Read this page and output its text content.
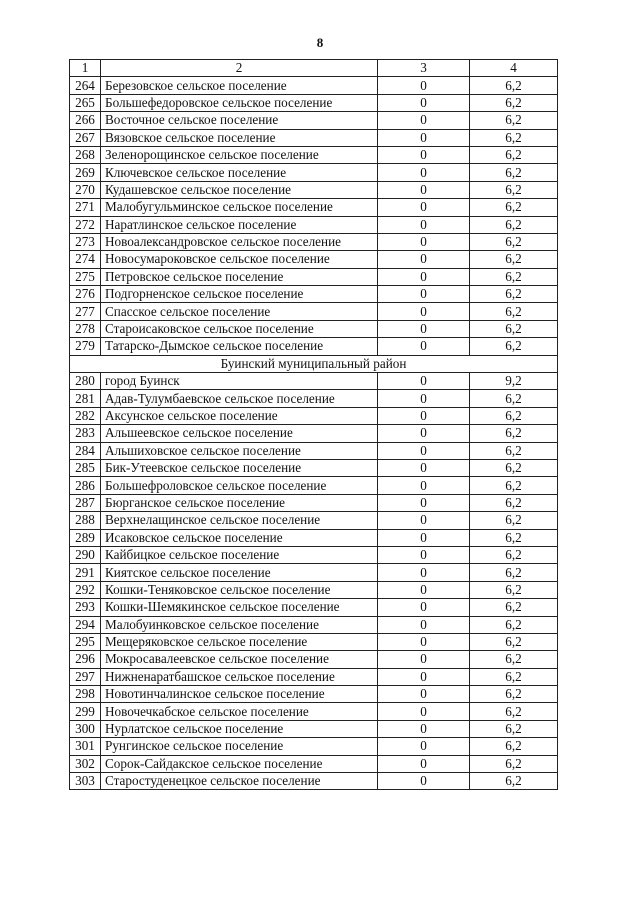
8
1	2	3	4
264	Березовское сельское поселение	0	6,2
265	Большефедоровское сельское поселение	0	6,2
266	Восточное сельское поселение	0	6,2
267	Вязовское сельское поселение	0	6,2
268	Зеленорощинское сельское поселение	0	6,2
269	Ключевское сельское поселение	0	6,2
270	Кудашевское сельское поселение	0	6,2
271	Малобугульминское сельское поселение	0	6,2
272	Наратлинское сельское поселение	0	6,2
273	Новоалександровское сельское поселение	0	6,2
274	Новосумароковское сельское поселение	0	6,2
275	Петровское сельское поселение	0	6,2
276	Подгорненское сельское поселение	0	6,2
277	Спасское сельское поселение	0	6,2
278	Староисаковское сельское поселение	0	6,2
279	Татарско-Дымское сельское поселение	0	6,2
Буинский муниципальный район			
280	город Буинск	0	9,2
281	Адав-Тулумбаевское сельское поселение	0	6,2
282	Аксунское сельское поселение	0	6,2
283	Альшеевское сельское поселение	0	6,2
284	Альшиховское сельское поселение	0	6,2
285	Бик-Утеевское сельское поселение	0	6,2
286	Большефроловское сельское поселение	0	6,2
287	Бюрганское сельское поселение	0	6,2
288	Верхнелащинское сельское поселение	0	6,2
289	Исаковское сельское поселение	0	6,2
290	Кайбицкое сельское поселение	0	6,2
291	Киятское сельское поселение	0	6,2
292	Кошки-Теняковское сельское поселение	0	6,2
293	Кошки-Шемякинское сельское поселение	0	6,2
294	Малобуинковское сельское поселение	0	6,2
295	Мещеряковское сельское поселение	0	6,2
296	Мокросавалеевское сельское поселение	0	6,2
297	Нижненаратбашское сельское поселение	0	6,2
298	Новотинчалинское сельское поселение	0	6,2
299	Новочечкабское сельское поселение	0	6,2
300	Нурлатское сельское поселение	0	6,2
301	Рунгинское сельское поселение	0	6,2
302	Сорок-Сайдакское сельское поселение	0	6,2
303	Старостуденецкое сельское поселение	0	6,2
